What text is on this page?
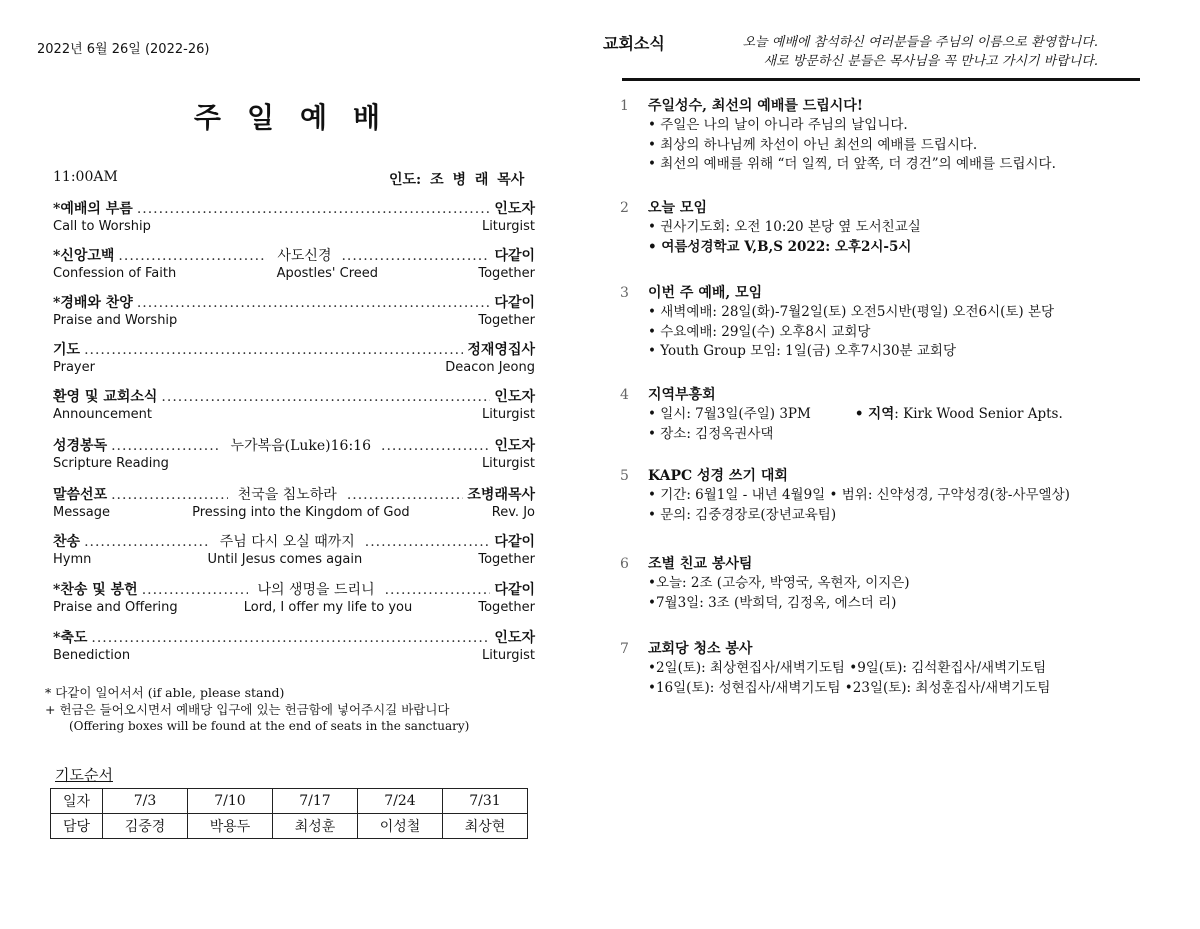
2022년 6월 26일 (2022-26)
주일예배
11:00AM	인도: 조 병 래 목사
*예배의 부름 .....	인도자
Call to Worship	Liturgist
*신앙고백 .....	사도신경 .....	다같이
Confession of Faith	Apostles' Creed	Together
*경배와 찬양 .....	다같이
Praise and Worship	Together
기도 .....	정재영집사
Prayer	Deacon Jeong
환영 및 교회소식 .....	인도자
Announcement	Liturgist
성경봉독 .....	누가복음(Luke)16:16 .....	인도자
Scripture Reading	Liturgist
말씀선포 .....	천국을 침노하라 .....	조병래목사
Message	Pressing into the Kingdom of God	Rev. Jo
찬송 .....	주님 다시 오실 때까지 .....	다같이
Hymn	Until Jesus comes again	Together
*찬송 및 봉헌 .....	나의 생명을 드리니 .....	다같이
Praise and Offering	Lord, I offer my life to you	Together
*축도 .....	인도자
Benediction	Liturgist
* 다같이 일어서서 (if able, please stand)
+ 헌금은 들어오시면서 예배당 입구에 있는 헌금함에 넣어주시길 바랍니다
(Offering boxes will be found at the end of seats in the sanctuary)
기도순서
일자	7/3	7/10	7/17	7/24	7/31
담당	김중경	박용두	최성훈	이성철	최상현
교회소식	오늘 예배에 참석하신 여러분들을 주님의 이름으로 환영합니다.
새로 방문하신 분들은 목사님을 꼭 만나고 가시기 바랍니다.
1	주일성수, 최선의 예배를 드립시다!
• 주일은 나의 날이 아니라 주님의 날입니다.
• 최상의 하나님께 차선이 아닌 최선의 예배를 드립시다.
• 최선의 예배를 위해 “더 일찍, 더 앞쪽, 더 경건”의 예배를 드립시다.
2	오늘 모임
• 권사기도회: 오전 10:20 본당 옆 도서친교실
• 여름성경학교 V,B,S 2022: 오후2시-5시
3	이번 주 예배, 모임
• 새벽예배: 28일(화)-7월2일(토) 오전5시반(평일) 오전6시(토) 본당
• 수요예배: 29일(수) 오후8시 교회당
• Youth Group 모임: 1일(금) 오후7시30분 교회당
4	지역부흥회
• 일시: 7월3일(주일) 3PM	• 지역: Kirk Wood Senior Apts.
• 장소: 김정옥권사댁
5	KAPC 성경 쓰기 대회
• 기간: 6월1일 - 내년 4월9일 • 범위: 신약성경, 구약성경(창-사무엘상)
• 문의: 김중경장로(장년교육팀)
6	조별 친교 봉사팀
•오늘: 2조 (고승자, 박영국, 옥현자, 이지은)
•7월3일: 3조 (박희덕, 김정옥, 에스더 리)
7	교회당 청소 봉사
•2일(토): 최상현집사/새벽기도팀 •9일(토): 김석환집사/새벽기도팀
•16일(토): 성현집사/새벽기도팀 •23일(토): 최성훈집사/새벽기도팀
